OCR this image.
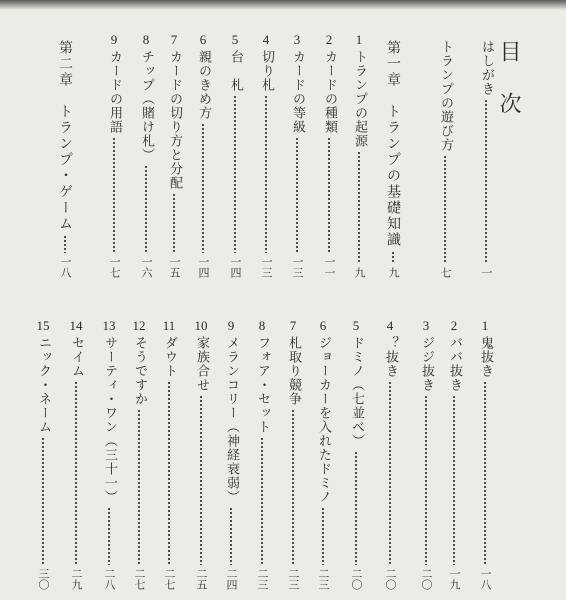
目次
はしがき
一
トランプの遊び方
七
第一章　トランプの基礎知識
九
1
トランプの起源
九
2
カードの種類
一一
3
カードの等級
一三
4
切り札
一三
5
台　札
一四
6
親のきめ方
一四
7
カードの切り方と分配
一五
8
チップ（賭け札）
一六
9
カードの用語
一七
第二章　トランプ・ゲーム
一八
1
鬼抜き
一八
2
ババ抜き
一九
3
ジジ抜き
二〇
4
？抜き
二〇
5
ドミノ（七並べ）
二〇
6
ジョーカーを入れたドミノ
二三
7
札取り競争
二三
8
フォア・セット
二三
9
メランコリー（神経衰弱）
二四
10
家族合せ
二五
11
ダウト
二七
12
そうですか
二七
13
サーティ・ワン（三十一）
二八
14
セイム
二九
15
ニック・ネーム
三〇
